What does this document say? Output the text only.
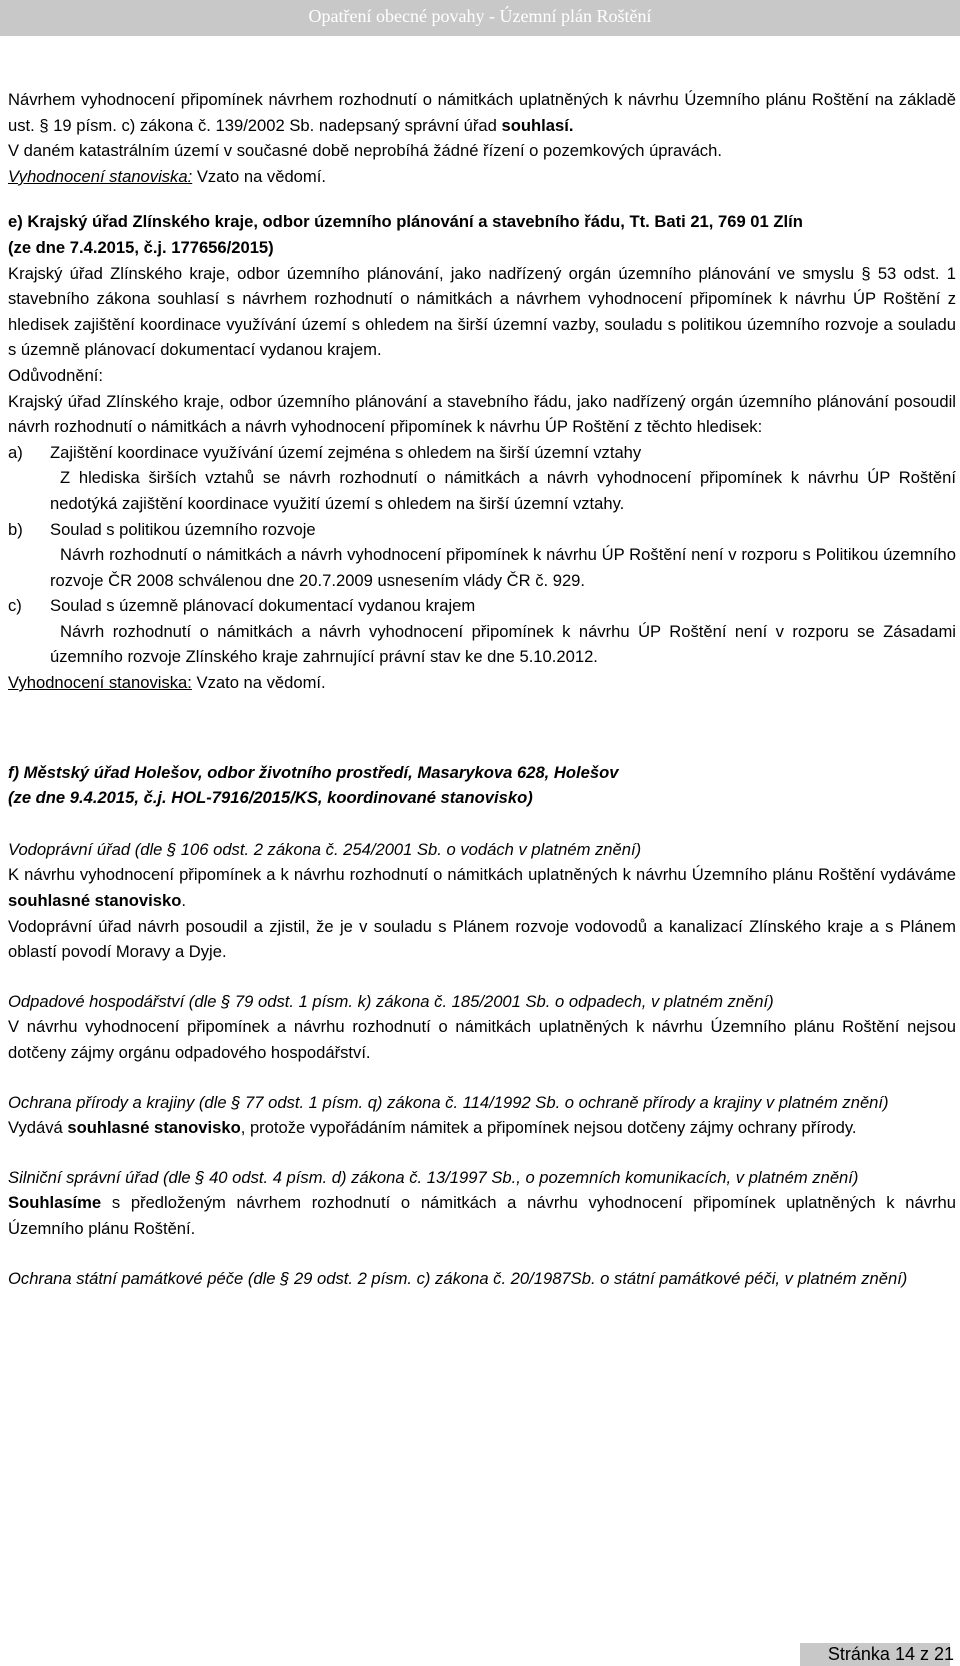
Opatření obecné povahy - Územní plán Roštění

Návrhem vyhodnocení připomínek návrhem rozhodnutí o námitkách uplatněných k návrhu Územního plánu Roštění na základě ust. § 19 písm. c) zákona č. 139/2002 Sb. nadepsaný správní úřad souhlasí.

V daném katastrálním území v současné době neprobíhá žádné řízení o pozemkových úpravách.

Vyhodnocení stanoviska: Vzato na vědomí.

e) Krajský úřad Zlínského kraje, odbor územního plánování a stavebního řádu, Tt. Bati 21, 769 01 Zlín

(ze dne 7.4.2015, č.j. 177656/2015)

Krajský úřad Zlínského kraje, odbor územního plánování, jako nadřízený orgán územního plánování ve smyslu § 53 odst. 1 stavebního zákona souhlasí s návrhem rozhodnutí o námitkách a návrhem vyhodnocení připomínek k návrhu ÚP Roštění z hledisek zajištění koordinace využívání území s ohledem na širší územní vazby, souladu s politikou územního rozvoje a souladu s územně plánovací dokumentací vydanou krajem.

Odůvodnění:

Krajský úřad Zlínského kraje, odbor územního plánování a stavebního řádu, jako nadřízený orgán územního plánování posoudil návrh rozhodnutí o námitkách a návrh vyhodnocení připomínek k návrhu ÚP Roštění z těchto hledisek:

a)	Zajištění koordinace využívání území zejména s ohledem na širší územní vztahy

Z hlediska širších vztahů se návrh rozhodnutí o námitkách a návrh vyhodnocení připomínek k návrhu ÚP Roštění nedotýká zajištění koordinace využití území s ohledem na širší územní vztahy.

b)	Soulad s politikou územního rozvoje

Návrh rozhodnutí o námitkách a návrh vyhodnocení připomínek k návrhu ÚP Roštění není v rozporu s Politikou územního rozvoje ČR 2008 schválenou dne 20.7.2009 usnesením vlády ČR č. 929.

c)	Soulad s územně plánovací dokumentací vydanou krajem

Návrh rozhodnutí o námitkách a návrh vyhodnocení připomínek k návrhu ÚP Roštění není v rozporu se Zásadami územního rozvoje Zlínského kraje zahrnující právní stav ke dne 5.10.2012.

Vyhodnocení stanoviska: Vzato na vědomí.

f) Městský úřad Holešov, odbor životního prostředí, Masarykova 628, Holešov

(ze dne 9.4.2015, č.j. HOL-7916/2015/KS, koordinované stanovisko)

Vodoprávní úřad (dle § 106 odst. 2 zákona č. 254/2001 Sb. o vodách v platném znění)

K návrhu vyhodnocení připomínek a k návrhu rozhodnutí o námitkách uplatněných k návrhu Územního plánu Roštění vydáváme souhlasné stanovisko.

Vodoprávní úřad návrh posoudil a zjistil, že je v souladu s Plánem rozvoje vodovodů a kanalizací Zlínského kraje a s Plánem oblastí povodí Moravy a Dyje.

Odpadové hospodářství (dle § 79 odst. 1 písm. k) zákona č. 185/2001 Sb. o odpadech, v platném znění)

V návrhu vyhodnocení připomínek a návrhu rozhodnutí o námitkách uplatněných k návrhu Územního plánu Roštění nejsou dotčeny zájmy orgánu odpadového hospodářství.

Ochrana přírody a krajiny (dle § 77 odst. 1 písm. q) zákona č. 114/1992 Sb. o ochraně přírody a krajiny v platném znění)

Vydává souhlasné stanovisko, protože vypořádáním námitek a připomínek nejsou dotčeny zájmy ochrany přírody.

Silniční správní úřad (dle § 40 odst. 4 písm. d) zákona č. 13/1997 Sb., o pozemních komunikacích, v platném znění)

Souhlasíme s předloženým návrhem rozhodnutí o námitkách a návrhu vyhodnocení připomínek uplatněných k návrhu Územního plánu Roštění.

Ochrana státní památkové péče (dle § 29 odst. 2 písm. c) zákona č. 20/1987Sb. o státní památkové péči, v platném znění)

Stránka 14 z 21
